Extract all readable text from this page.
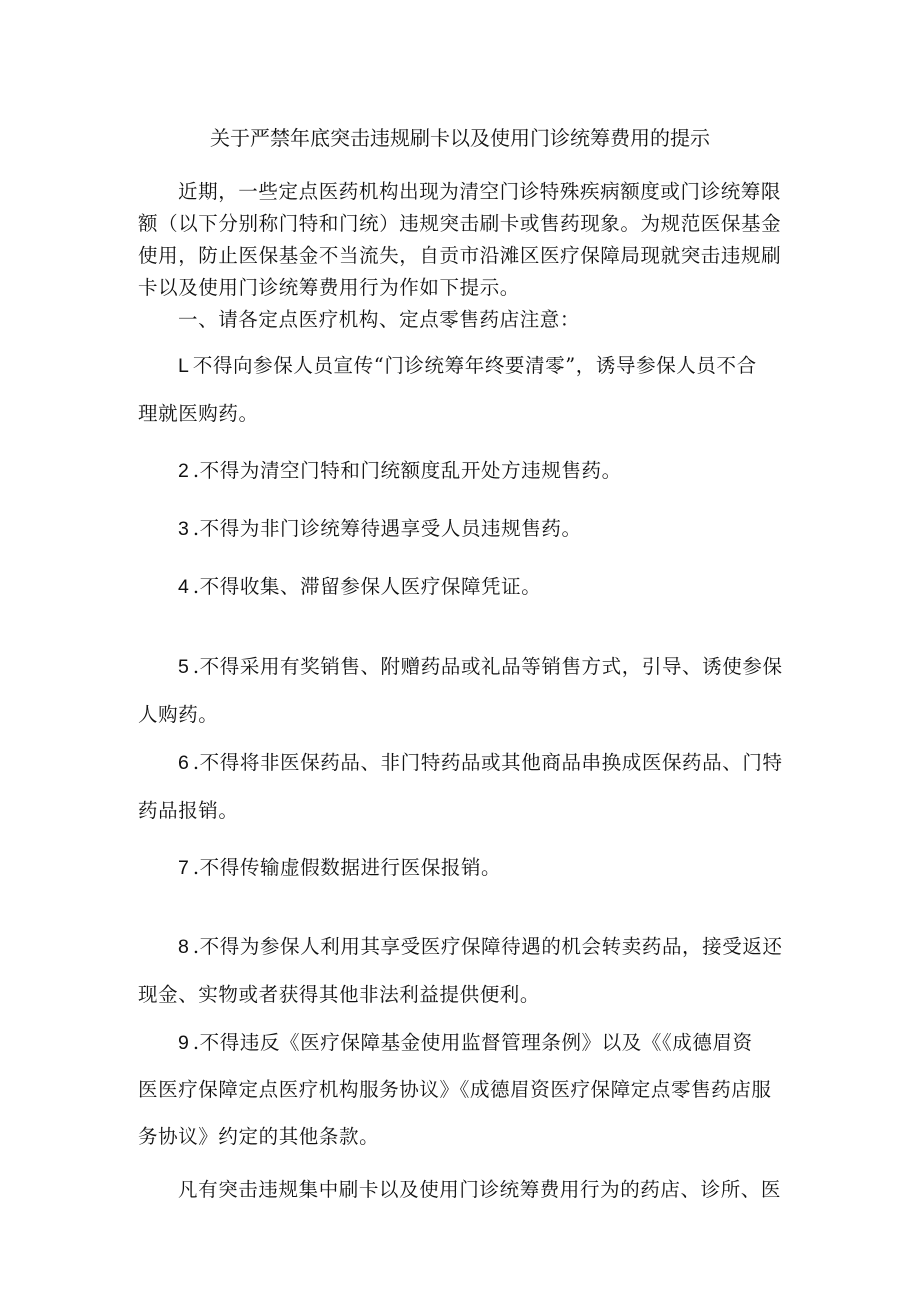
关于严禁年底突击违规刷卡以及使用门诊统筹费用的提示
近期，一些定点医药机构出现为清空门诊特殊疾病额度或门诊统筹限
额（以下分别称门特和门统）违规突击刷卡或售药现象。为规范医保基金
使用，防止医保基金不当流失，自贡市沿滩区医疗保障局现就突击违规刷
卡以及使用门诊统筹费用行为作如下提示。
一、请各定点医疗机构、定点零售药店注意：
L 不得向参保人员宣传“门诊统筹年终要清零”，诱导参保人员不合
理就医购药。
2 .不得为清空门特和门统额度乱开处方违规售药。
3 .不得为非门诊统筹待遇享受人员违规售药。
4 .不得收集、滞留参保人医疗保障凭证。
5 .不得采用有奖销售、附赠药品或礼品等销售方式，引导、诱使参保
人购药。
6 .不得将非医保药品、非门特药品或其他商品串换成医保药品、门特
药品报销。
7 .不得传输虚假数据进行医保报销。
8 .不得为参保人利用其享受医疗保障待遇的机会转卖药品，接受返还
现金、实物或者获得其他非法利益提供便利。
9 .不得违反《医疗保障基金使用监督管理条例》以及《《成德眉资
医医疗保障定点医疗机构服务协议》《成德眉资医疗保障定点零售药店服
务协议》约定的其他条款。
凡有突击违规集中刷卡以及使用门诊统筹费用行为的药店、诊所、医
